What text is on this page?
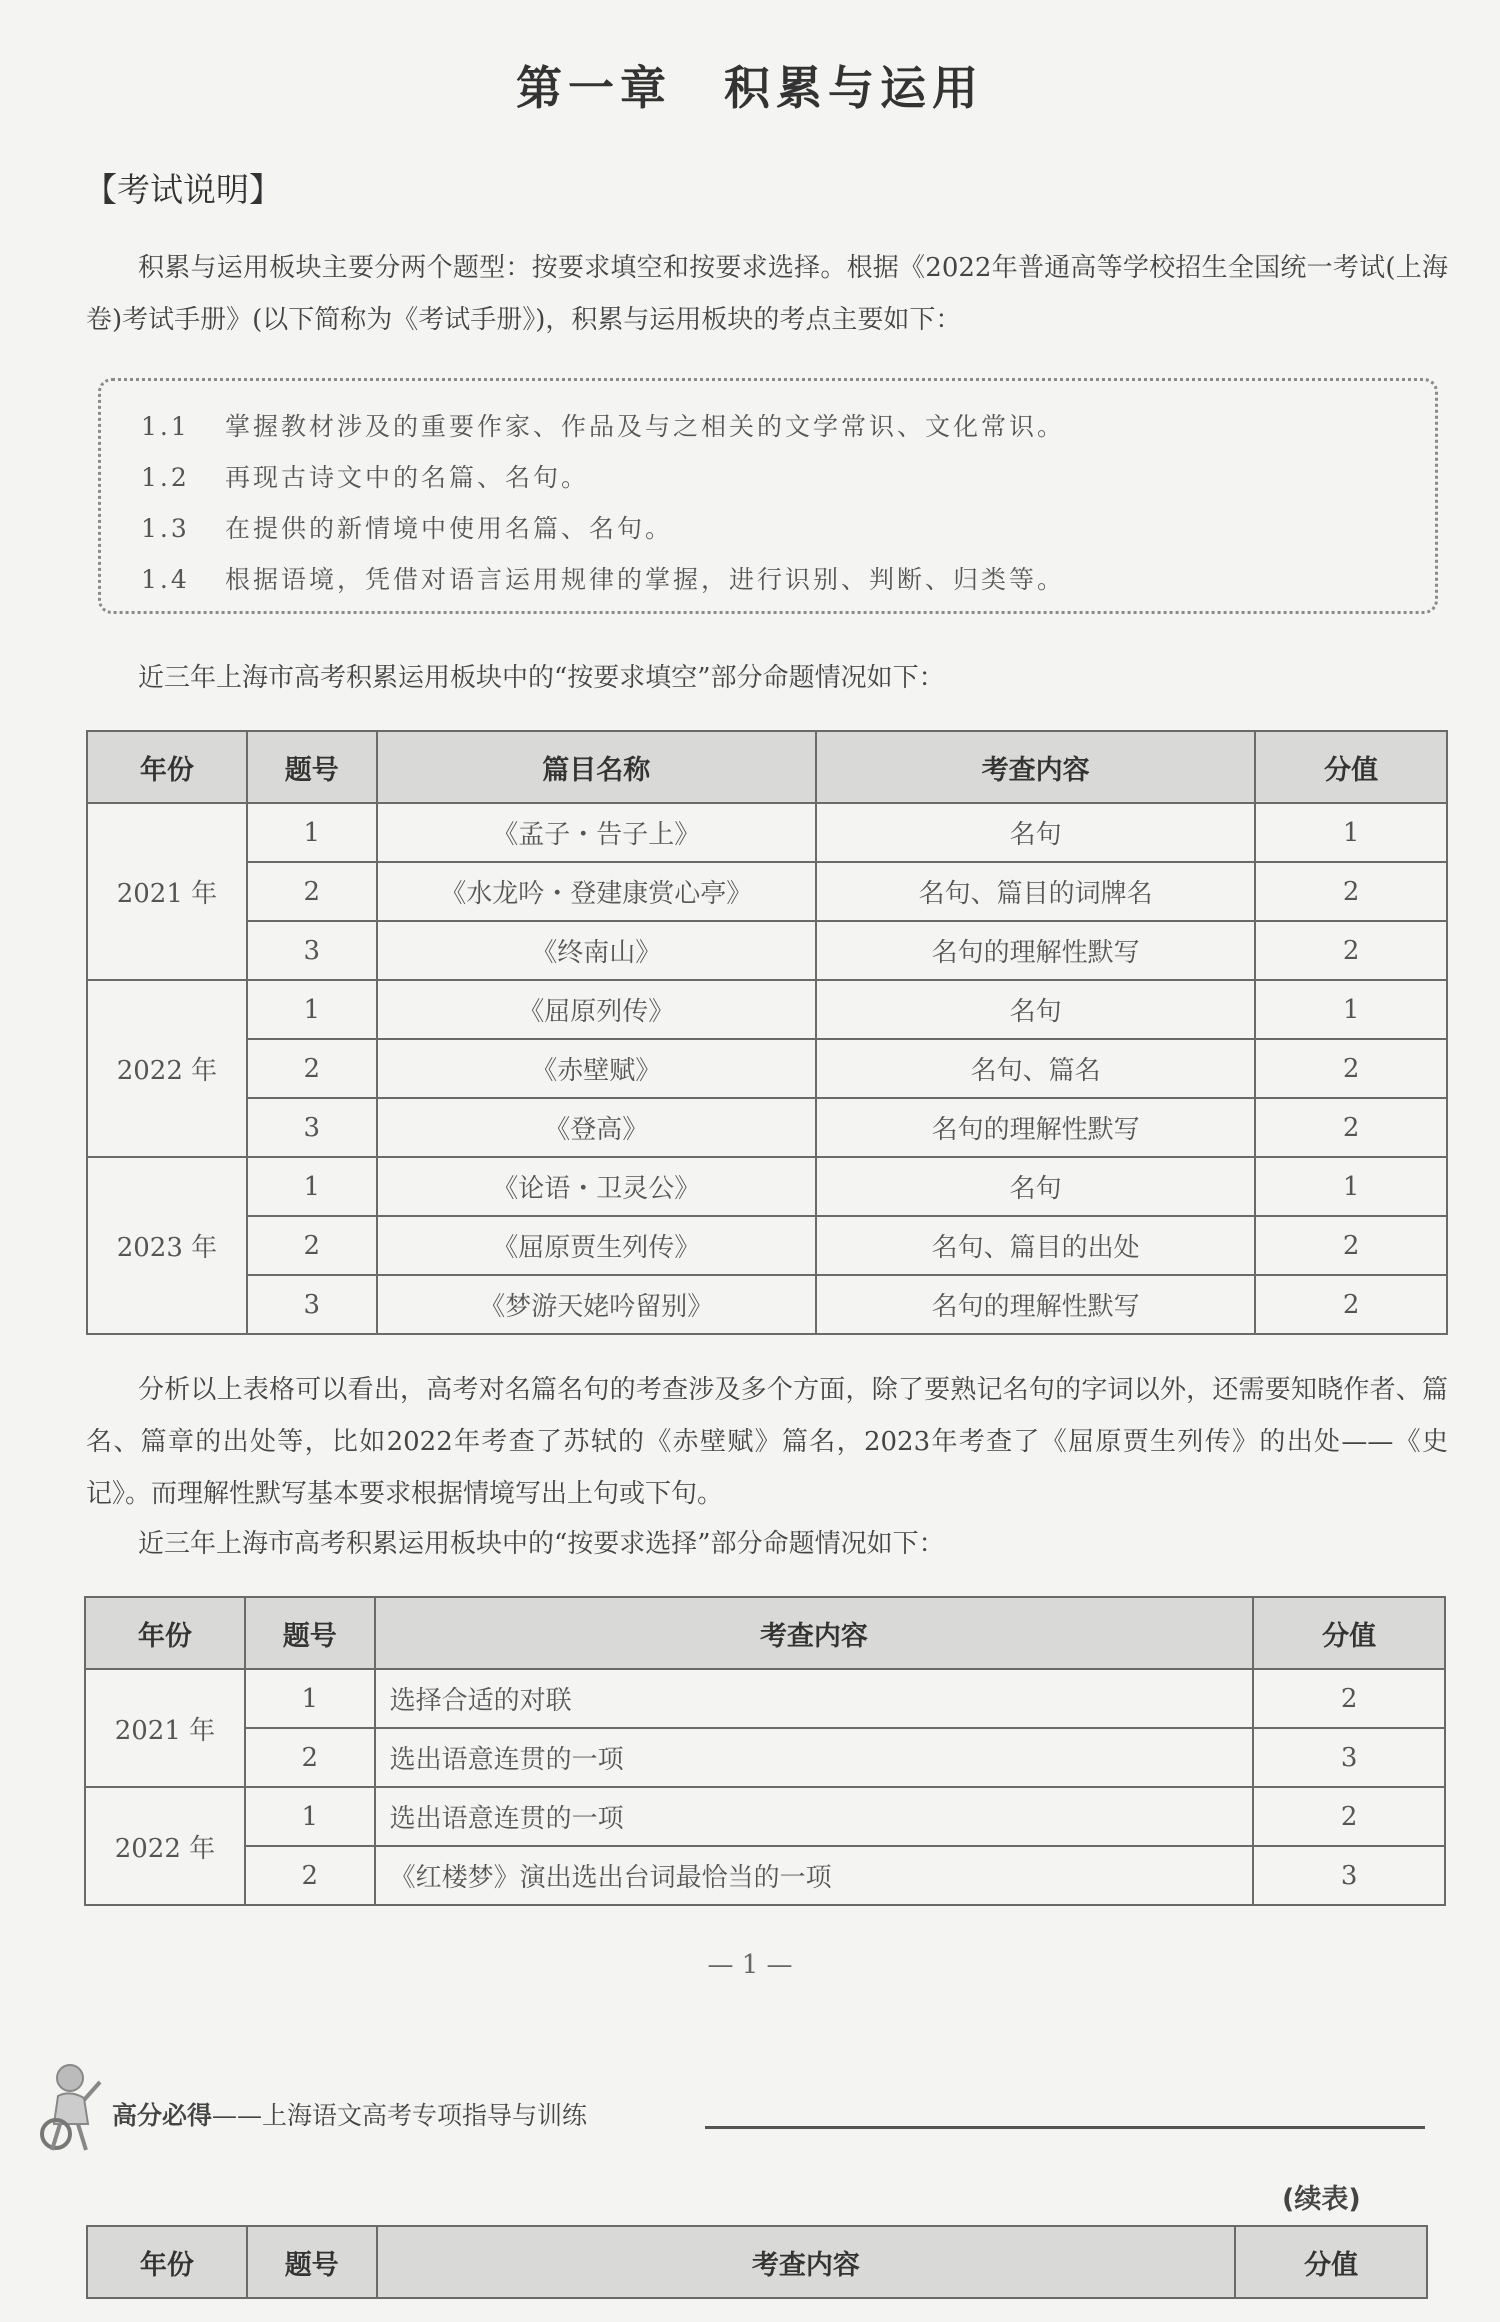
第一章　积累与运用
【考试说明】

积累与运用板块主要分两个题型：按要求填空和按要求选择。根据《2022年普通高等学校招生全国统一考试(上海卷)考试手册》(以下简称为《考试手册》)，积累与运用板块的考点主要如下：

1.1	掌握教材涉及的重要作家、作品及与之相关的文学常识、文化常识。
1.2	再现古诗文中的名篇、名句。
1.3	在提供的新情境中使用名篇、名句。
1.4	根据语境，凭借对语言运用规律的掌握，进行识别、判断、归类等。

近三年上海市高考积累运用板块中的“按要求填空”部分命题情况如下：

年份	题号	篇目名称	考查内容	分值
2021 年	1	《孟子・告子上》	名句	1
	2	《水龙吟・登建康赏心亭》	名句、篇目的词牌名	2
	3	《终南山》	名句的理解性默写	2
2022 年	1	《屈原列传》	名句	1
	2	《赤壁赋》	名句、篇名	2
	3	《登高》	名句的理解性默写	2
2023 年	1	《论语・卫灵公》	名句	1
	2	《屈原贾生列传》	名句、篇目的出处	2
	3	《梦游天姥吟留别》	名句的理解性默写	2

分析以上表格可以看出，高考对名篇名句的考查涉及多个方面，除了要熟记名句的字词以外，还需要知晓作者、篇名、篇章的出处等，比如2022年考查了苏轼的《赤壁赋》篇名，2023年考查了《屈原贾生列传》的出处——《史记》。而理解性默写基本要求根据情境写出上句或下句。

近三年上海市高考积累运用板块中的“按要求选择”部分命题情况如下：

年份	题号	考查内容	分值
2021 年	1	选择合适的对联	2
	2	选出语意连贯的一项	3
2022 年	1	选出语意连贯的一项	2
	2	《红楼梦》演出选出台词最恰当的一项	3
— 1 —
高分必得——上海语文高考专项指导与训练
(续表)
年份	题号	考查内容	分值
